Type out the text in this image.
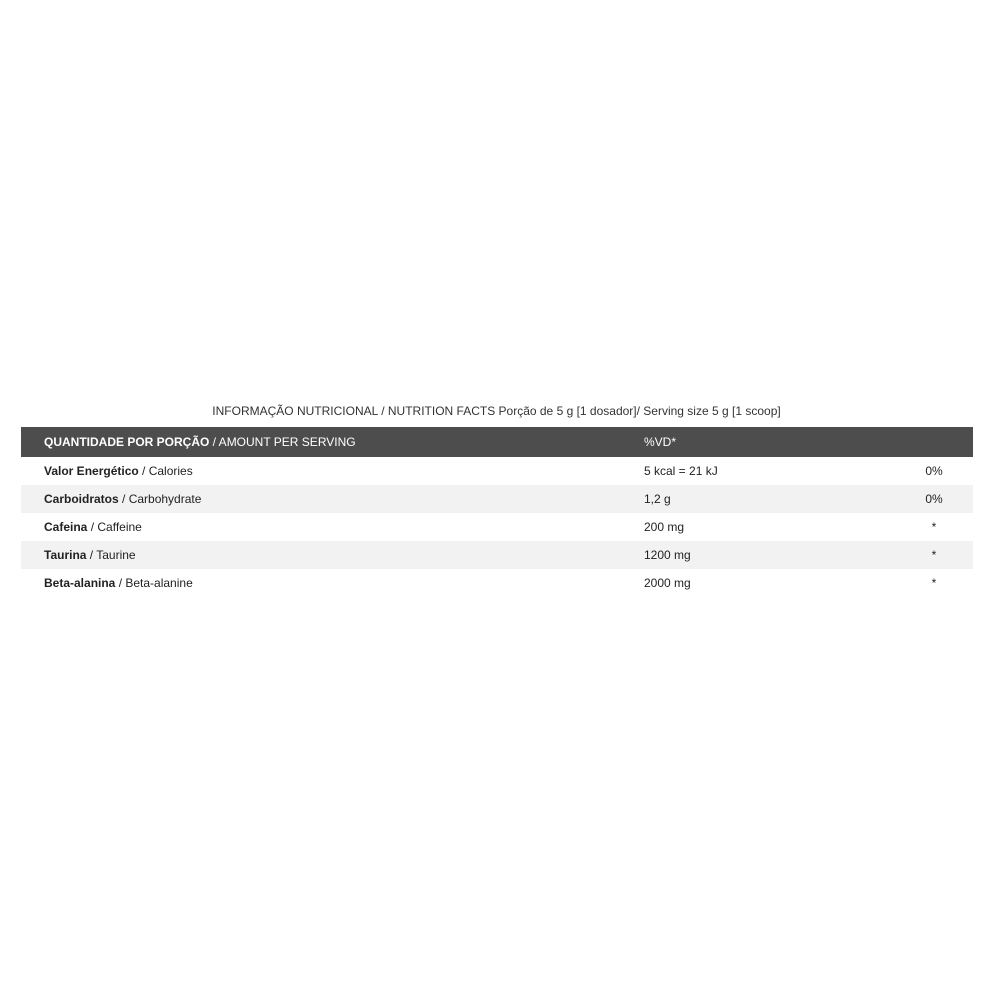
INFORMAÇÃO NUTRICIONAL / NUTRITION FACTS Porção de 5 g [1 dosador]/ Serving size 5 g [1 scoop]
QUANTIDADE POR PORÇÃO / AMOUNT PER SERVING	%VD*
Valor Energético / Calories	5 kcal = 21 kJ	0%
Carboidratos / Carbohydrate	1,2 g	0%
Cafeina / Caffeine	200 mg	*
Taurina / Taurine	1200 mg	*
Beta-alanina / Beta-alanine	2000 mg	*
